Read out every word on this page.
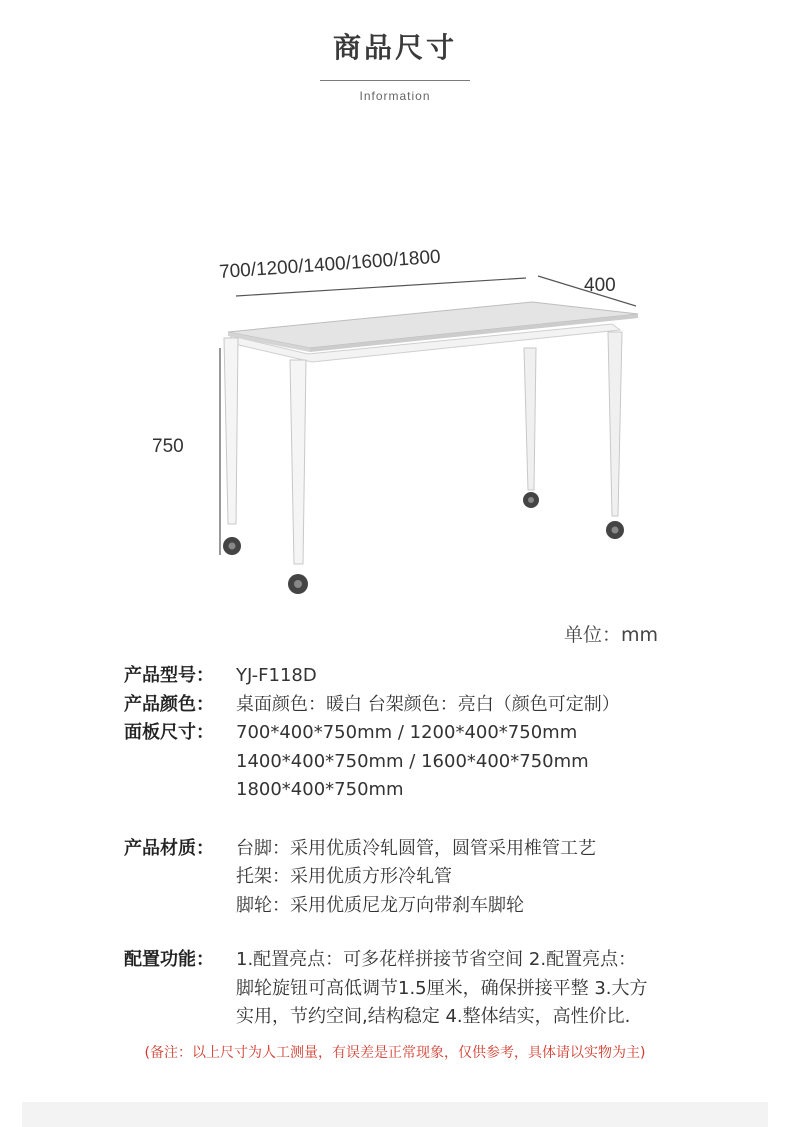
商品尺寸
Information
700/1200/1400/1600/1800
400
750
单位：mm
产品型号：	YJ-F118D
产品颜色：	桌面颜色：暖白 台架颜色：亮白（颜色可定制）
面板尺寸：	700*400*750mm / 1200*400*750mm
1400*400*750mm / 1600*400*750mm
1800*400*750mm
产品材质：	台脚：采用优质冷轧圆管，圆管采用椎管工艺
托架：采用优质方形冷轧管
脚轮：采用优质尼龙万向带刹车脚轮
配置功能：	1.配置亮点：可多花样拼接节省空间 2.配置亮点：
脚轮旋钮可高低调节1.5厘米，确保拼接平整 3.大方
实用，节约空间,结构稳定 4.整体结实，高性价比.
(备注：以上尺寸为人工测量，有误差是正常现象，仅供参考，具体请以实物为主)
